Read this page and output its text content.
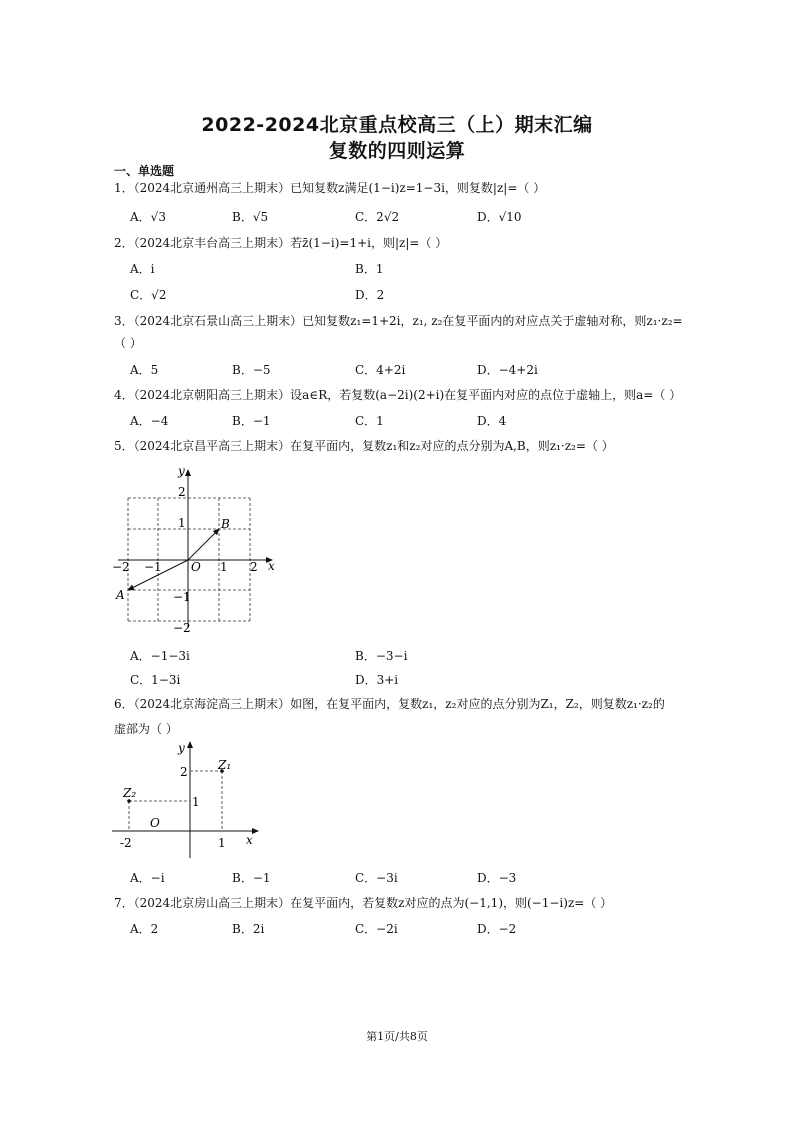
2022-2024北京重点校高三（上）期末汇编
复数的四则运算
一、单选题
1．（2024北京通州高三上期末）已知复数z满足(1−i)z=1−3i，则复数|z|=（ ）
A．√3	B．√5	C．2√2	D．√10
2．（2024北京丰台高三上期末）若z̄(1−i)=1+i，则|z|=（ ）
A．i	B．1
C．√2	D．2
3．（2024北京石景山高三上期末）已知复数z₁=1+2i，z₁, z₂在复平面内的对应点关于虚轴对称，则z₁·z₂=
（ ）
A．5	B．−5	C．4+2i	D．−4+2i
4．（2024北京朝阳高三上期末）设a∈R，若复数(a−2i)(2+i)在复平面内对应的点位于虚轴上，则a=（ ）
A．−4	B．−1	C．1	D．4
5．（2024北京昌平高三上期末）在复平面内，复数z₁和z₂对应的点分别为A,B，则z₁·z₂=（ ）
y
x
O
2
1
−1
−2
−2 −1	1 2
B
A
A．−1−3i	B．−3−i
C．1−3i	D．3+i
6．（2024北京海淀高三上期末）如图，在复平面内，复数z₁，z₂对应的点分别为Z₁，Z₂，则复数z₁·z₂的
虚部为（ ）
y
x
O
2
1
-2	1
Z₁
Z₂
A．−i	B．−1	C．−3i	D．−3
7．（2024北京房山高三上期末）在复平面内，若复数z对应的点为(−1,1)，则(−1−i)z=（ ）
A．2	B．2i	C．−2i	D．−2
第1页/共8页
